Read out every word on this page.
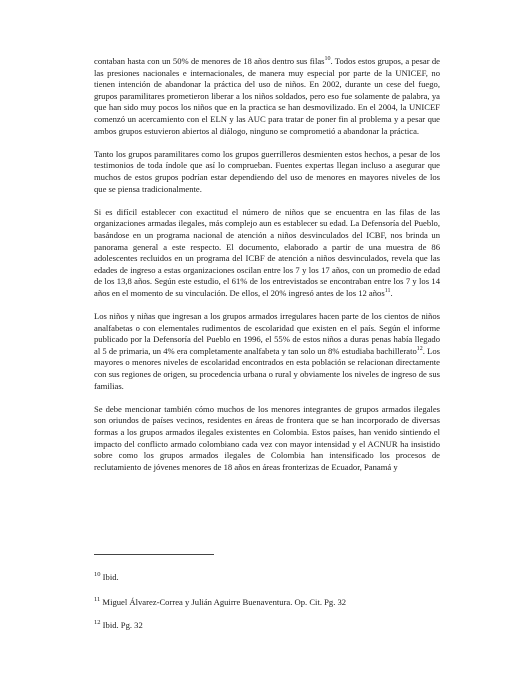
contaban hasta con un 50% de menores de 18 años dentro sus filas$^{10}$. Todos estos grupos, a pesar de las presiones nacionales e internacionales, de manera muy especial por parte de la UNICEF, no tienen intención de abandonar la práctica del uso de niños. En 2002, durante un cese del fuego, grupos paramilitares prometieron liberar a los niños soldados, pero eso fue solamente de palabra, ya que han sido muy pocos los niños que en la practica se han desmovilizado. En el 2004, la UNICEF comenzó un acercamiento con el ELN y las AUC para tratar de poner fin al problema y a pesar que ambos grupos estuvieron abiertos al diálogo, ninguno se comprometió a abandonar la práctica.

Tanto los grupos paramilitares como los grupos guerrilleros desmienten estos hechos, a pesar de los testimonios de toda índole que así lo comprueban. Fuentes expertas llegan incluso a asegurar que muchos de estos grupos podrían estar dependiendo del uso de menores en mayores niveles de los que se piensa tradicionalmente.

Si es difícil establecer con exactitud el número de niños que se encuentra en las filas de las organizaciones armadas ilegales, más complejo aun es establecer su edad. La Defensoría del Pueblo, basándose en un programa nacional de atención a niños desvinculados del ICBF, nos brinda un panorama general a este respecto. El documento, elaborado a partir de una muestra de 86 adolescentes recluidos en un programa del ICBF de atención a niños desvinculados, revela que las edades de ingreso a estas organizaciones oscilan entre los 7 y los 17 años, con un promedio de edad de los 13,8 años. Según este estudio, el 61% de los entrevistados se encontraban entre los 7 y los 14 años en el momento de su vinculación. De ellos, el 20% ingresó antes de los 12 años$^{11}$.

Los niños y niñas que ingresan a los grupos armados irregulares hacen parte de los cientos de niños analfabetas o con elementales rudimentos de escolaridad que existen en el país. Según el informe publicado por la Defensoría del Pueblo en 1996, el 55% de estos niños a duras penas había llegado al 5 de primaria, un 4% era completamente analfabeta y tan solo un 8% estudiaba bachillerato$^{12}$. Los mayores o menores niveles de escolaridad encontrados en esta población se relacionan directamente con sus regiones de origen, su procedencia urbana o rural y obviamente los niveles de ingreso de sus familias.

Se debe mencionar también cómo muchos de los menores integrantes de grupos armados ilegales son oriundos de países vecinos, residentes en áreas de frontera que se han incorporado de diversas formas a los grupos armados ilegales existentes en Colombia. Estos países, han venido sintiendo el impacto del conflicto armado colombiano cada vez con mayor intensidad y el ACNUR ha insistido sobre como los grupos armados ilegales de Colombia han intensificado los procesos de reclutamiento de jóvenes menores de 18 años en áreas fronterizas de Ecuador, Panamá y

$^{10}$ Ibid.
$^{11}$ Miguel Álvarez-Correa y Julián Aguirre Buenaventura. Op. Cit. Pg. 32
$^{12}$ Ibid. Pg. 32
